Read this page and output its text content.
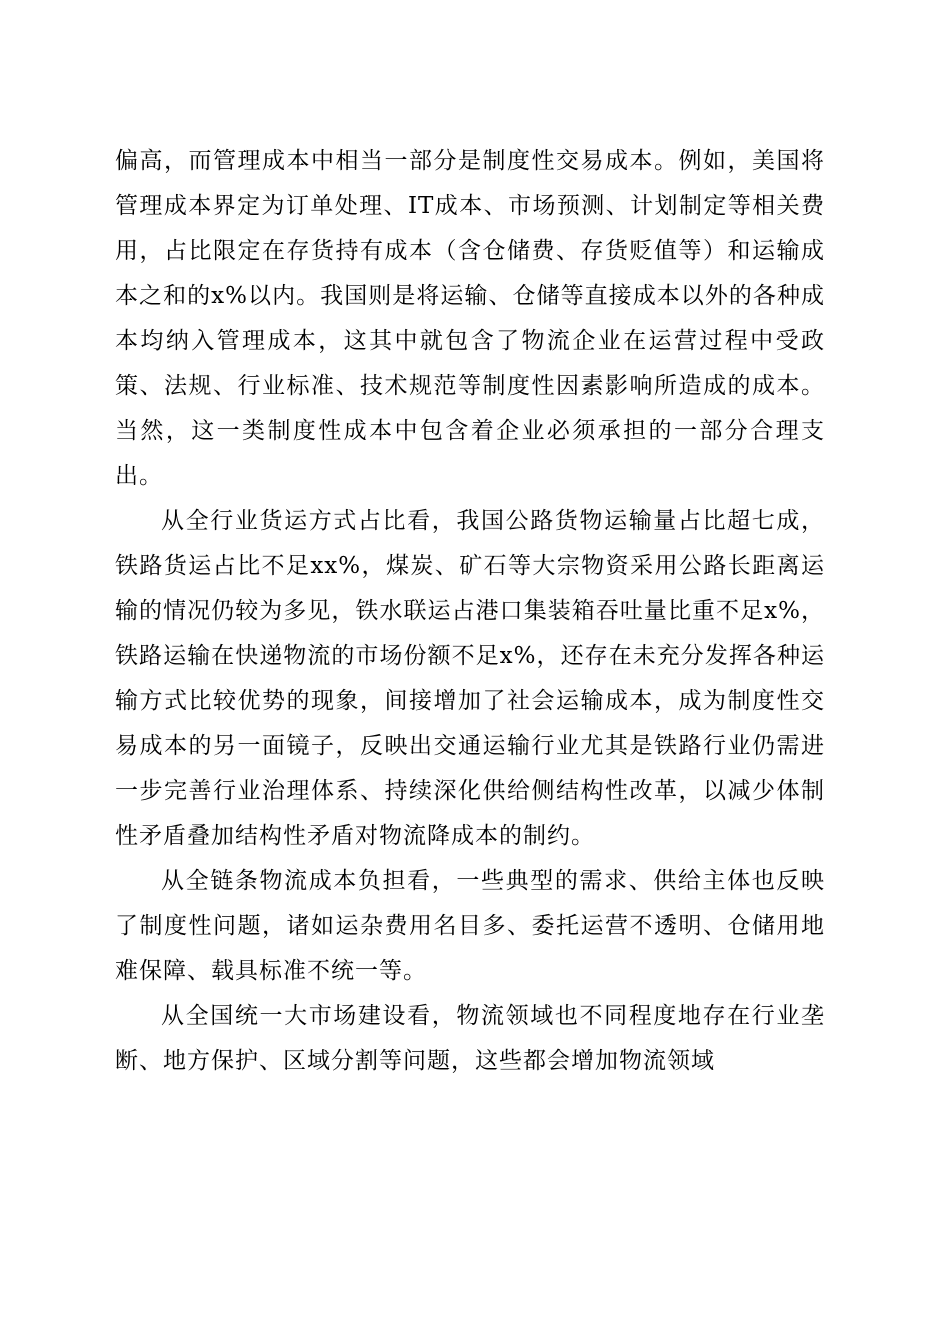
偏高，而管理成本中相当一部分是制度性交易成本。例如，美国将管理成本界定为订单处理、IT成本、市场预测、计划制定等相关费用，占比限定在存货持有成本（含仓储费、存货贬值等）和运输成本之和的x%以内。我国则是将运输、仓储等直接成本以外的各种成本均纳入管理成本，这其中就包含了物流企业在运营过程中受政策、法规、行业标准、技术规范等制度性因素影响所造成的成本。当然，这一类制度性成本中包含着企业必须承担的一部分合理支出。

从全行业货运方式占比看，我国公路货物运输量占比超七成，铁路货运占比不足xx%，煤炭、矿石等大宗物资采用公路长距离运输的情况仍较为多见，铁水联运占港口集装箱吞吐量比重不足x%，铁路运输在快递物流的市场份额不足x%，还存在未充分发挥各种运输方式比较优势的现象，间接增加了社会运输成本，成为制度性交易成本的另一面镜子，反映出交通运输行业尤其是铁路行业仍需进一步完善行业治理体系、持续深化供给侧结构性改革，以减少体制性矛盾叠加结构性矛盾对物流降成本的制约。

从全链条物流成本负担看，一些典型的需求、供给主体也反映了制度性问题，诸如运杂费用名目多、委托运营不透明、仓储用地难保障、载具标准不统一等。

从全国统一大市场建设看，物流领域也不同程度地存在行业垄断、地方保护、区域分割等问题，这些都会增加物流领域
